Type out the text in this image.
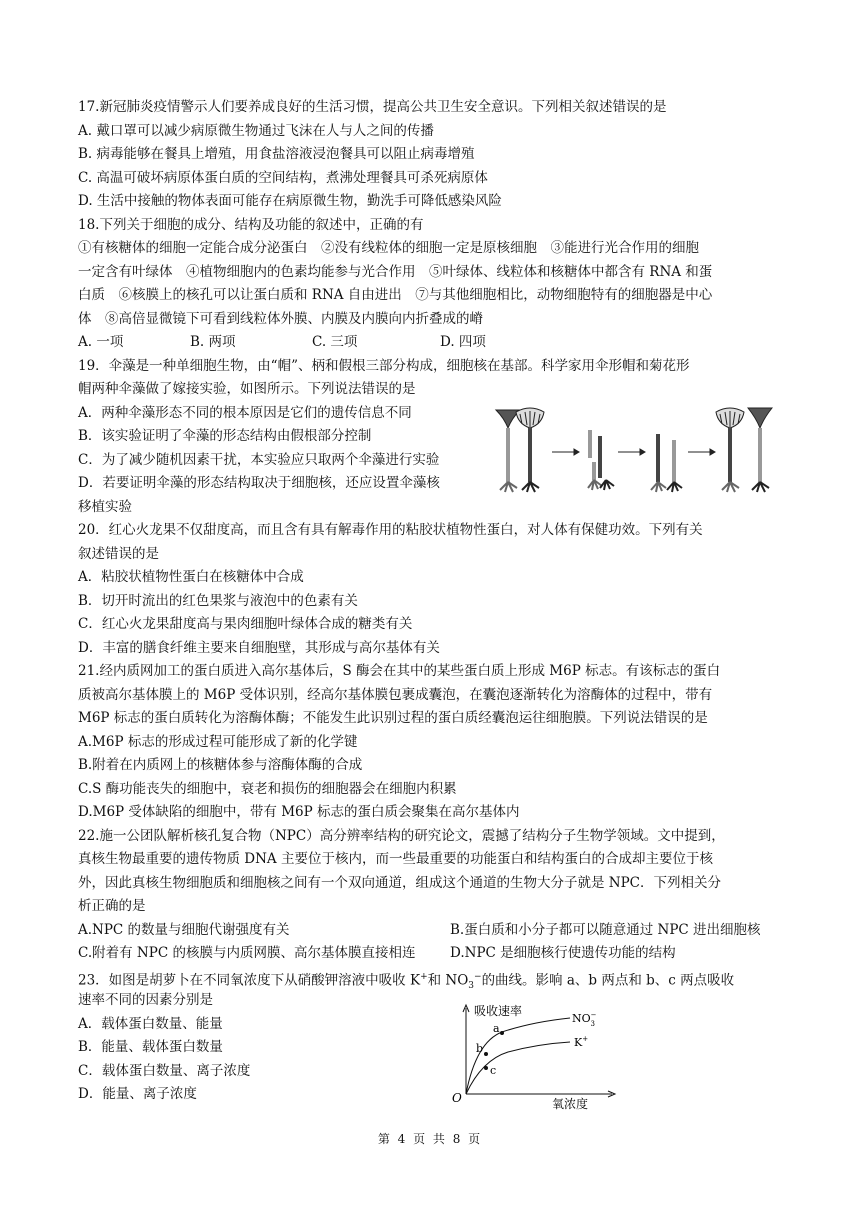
17.新冠肺炎疫情警示人们要养成良好的生活习惯，提高公共卫生安全意识。下列相关叙述错误的是
A. 戴口罩可以减少病原微生物通过飞沫在人与人之间的传播
B. 病毒能够在餐具上增殖，用食盐溶液浸泡餐具可以阻止病毒增殖
C. 高温可破坏病原体蛋白质的空间结构，煮沸处理餐具可杀死病原体
D. 生活中接触的物体表面可能存在病原微生物，勤洗手可降低感染风险
18.下列关于细胞的成分、结构及功能的叙述中，正确的有
①有核糖体的细胞一定能合成分泌蛋白　②没有线粒体的细胞一定是原核细胞　③能进行光合作用的细胞
一定含有叶绿体　④植物细胞内的色素均能参与光合作用　⑤叶绿体、线粒体和核糖体中都含有 RNA 和蛋
白质　⑥核膜上的核孔可以让蛋白质和 RNA 自由进出　⑦与其他细胞相比，动物细胞特有的细胞器是中心
体　⑧高倍显微镜下可看到线粒体外膜、内膜及内膜向内折叠成的嵴
A. 一项	B. 两项	C. 三项	D. 四项
19．伞藻是一种单细胞生物，由“帽”、柄和假根三部分构成，细胞核在基部。科学家用伞形帽和菊花形
帽两种伞藻做了嫁接实验，如图所示。下列说法错误的是
A．两种伞藻形态不同的根本原因是它们的遗传信息不同
B．该实验证明了伞藻的形态结构由假根部分控制
C．为了减少随机因素干扰，本实验应只取两个伞藻进行实验
D．若要证明伞藻的形态结构取决于细胞核，还应设置伞藻核
移植实验
20．红心火龙果不仅甜度高，而且含有具有解毒作用的粘胶状植物性蛋白，对人体有保健功效。下列有关
叙述错误的是
A．粘胶状植物性蛋白在核糖体中合成
B．切开时流出的红色果浆与液泡中的色素有关
C．红心火龙果甜度高与果肉细胞叶绿体合成的糖类有关
D．丰富的膳食纤维主要来自细胞壁，其形成与高尔基体有关
21.经内质网加工的蛋白质进入高尔基体后，S 酶会在其中的某些蛋白质上形成 M6P 标志。有该标志的蛋白
质被高尔基体膜上的 M6P 受体识别，经高尔基体膜包裹成囊泡，在囊泡逐渐转化为溶酶体的过程中，带有
M6P 标志的蛋白质转化为溶酶体酶；不能发生此识别过程的蛋白质经囊泡运往细胞膜。下列说法错误的是
A.M6P 标志的形成过程可能形成了新的化学键
B.附着在内质网上的核糖体参与溶酶体酶的合成
C.S 酶功能丧失的细胞中，衰老和损伤的细胞器会在细胞内积累
D.M6P 受体缺陷的细胞中，带有 M6P 标志的蛋白质会聚集在高尔基体内
22.施一公团队解析核孔复合物（NPC）高分辨率结构的研究论文，震撼了结构分子生物学领域。文中提到，
真核生物最重要的遗传物质 DNA 主要位于核内，而一些最重要的功能蛋白和结构蛋白的合成却主要位于核
外，因此真核生物细胞质和细胞核之间有一个双向通道，组成这个通道的生物大分子就是 NPC．下列相关分
析正确的是
A.NPC 的数量与细胞代谢强度有关	B.蛋白质和小分子都可以随意通过 NPC 进出细胞核
C.附着有 NPC 的核膜与内质网膜、高尔基体膜直接相连	D.NPC 是细胞核行使遗传功能的结构
23．如图是胡萝卜在不同氧浓度下从硝酸钾溶液中吸收 K+和 $NO_3^-$的曲线。影响 a、b 两点和 b、c 两点吸收
速率不同的因素分别是
A．载体蛋白数量、能量
B．能量、载体蛋白数量
C．载体蛋白数量、离子浓度
D．能量、离子浓度
吸收速率
氧浓度
O
NO− 3
K+
a
b
c
第 4 页 共 8 页
